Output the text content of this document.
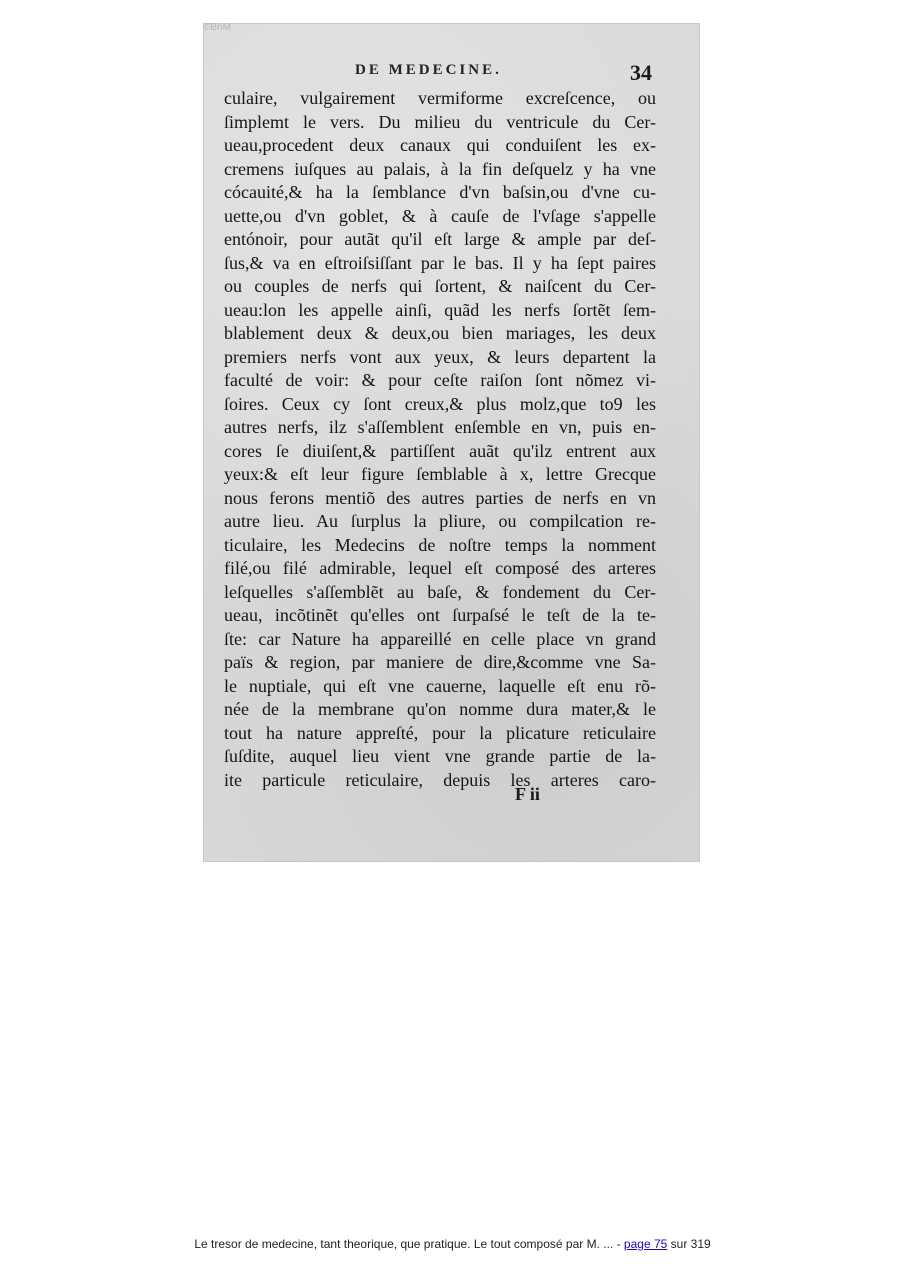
©BnM
DE MEDECINE.	34
culaire, vulgairement vermiforme excreſcence, ou
ſimplemt le vers. Du milieu du ventricule du Cer-
ueau,procedent deux canaux qui conduiſent les ex-
cremens iuſques au palais, à la fin deſquelz y ha vne
cócauité,& ha la ſemblance d'vn baſsin,ou d'vne cu-
uette,ou d'vn goblet, & à cauſe de l'vſage s'appelle
entónoir, pour autãt qu'il eſt large & ample par deſ-
ſus,& va en eſtroiſsiſſant par le bas. Il y ha ſept paires
ou couples de nerfs qui ſortent, & naiſcent du Cer-
ueau:lon les appelle ainſi, quãd les nerfs ſortẽt ſem-
blablement deux & deux,ou bien mariages, les deux
premiers nerfs vont aux yeux, & leurs departent la
faculté de voir: & pour ceſte raiſon ſont nõmez vi-
ſoires. Ceux cy ſont creux,& plus molz,que to9 les
autres nerfs, ilz s'aſſemblent enſemble en vn, puis en-
cores ſe diuiſent,& partiſſent auãt qu'ilz entrent aux
yeux:& eſt leur figure ſemblable à x, lettre Grecque
nous ferons mentiõ des autres parties de nerfs en vn
autre lieu. Au ſurplus la pliure, ou compilcation re-
ticulaire, les Medecins de noſtre temps la nomment
filé,ou filé admirable, lequel eſt composé des arteres
leſquelles s'aſſemblẽt au baſe, & fondement du Cer-
ueau, incõtinẽt qu'elles ont ſurpaſsé le teſt de la te-
ſte: car Nature ha appareillé en celle place vn grand
païs & region, par maniere de dire,&comme vne Sa-
le nuptiale, qui eſt vne cauerne, laquelle eſt enu rõ-
née de la membrane qu'on nomme dura mater,& le
tout ha nature appreſté, pour la plicature reticulaire
ſuſdite, auquel lieu vient vne grande partie de la-
ite particule reticulaire, depuis les arteres caro-
F ii
Le tresor de medecine, tant theorique, que pratique. Le tout composé par M. ... - page 75 sur 319
